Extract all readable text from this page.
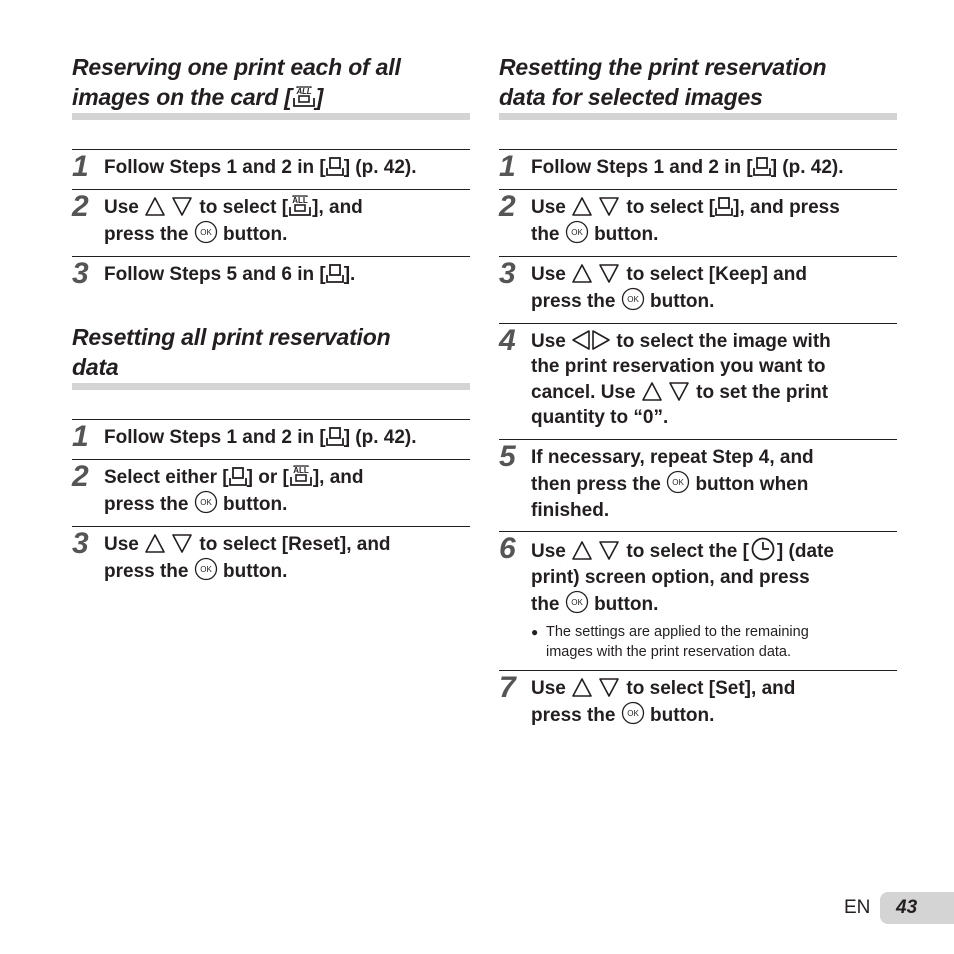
Reserving one print each of all
images on the card [ ]
1 Follow Steps 1 and 2 in [ ] (p. 42).
2 Use	to select [ ], and
press the button.
3 Follow Steps 5 and 6 in [ ].
Resetting all print reservation
data
1 Follow Steps 1 and 2 in [ ] (p. 42).
2 Select either [ ] or [ ], and
press the button.
3 Use	to select [Reset], and
press the button.
Resetting the print reservation
data for selected images
1 Follow Steps 1 and 2 in [ ] (p. 42).
2 Use	to select [ ], and press
the button.
3 Use	to select [Keep] and
press the button.
4 Use	to select the image with
the print reservation you want to
cancel. Use	to set the print
quantity to “0”.
5 If necessary, repeat Step 4, and
then press the button when
finished.
6 Use	to select the [ ] (date
print) screen option, and press
the button.
● The settings are applied to the remaining
images with the print reservation data.
7 Use	to select [Set], and
press the button.
EN 43
